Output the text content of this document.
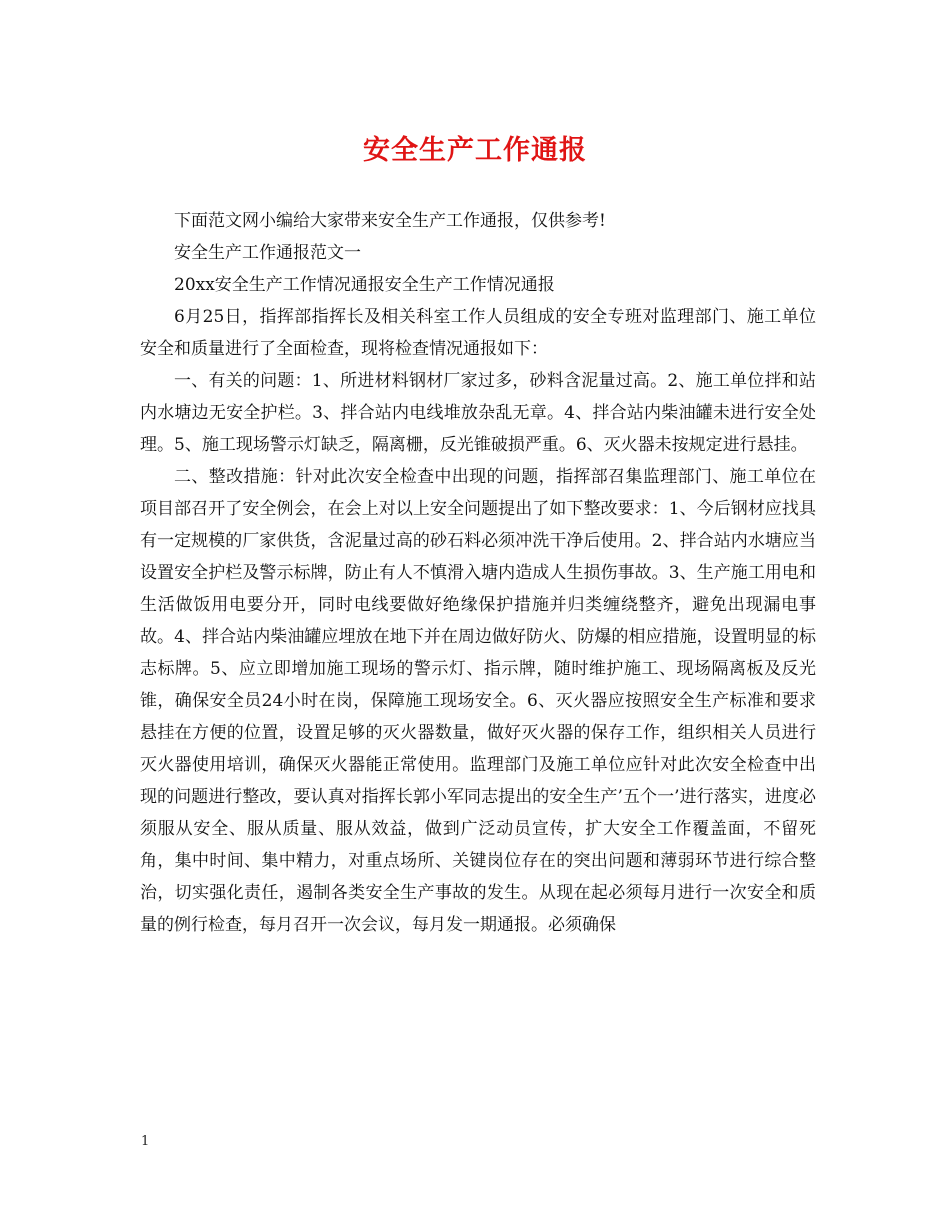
安全生产工作通报

下面范文网小编给大家带来安全生产工作通报，仅供参考!

安全生产工作通报范文一

20xx安全生产工作情况通报安全生产工作情况通报

6月25日，指挥部指挥长及相关科室工作人员组成的安全专班对监理部门、施工单位安全和质量进行了全面检查，现将检查情况通报如下：

一、有关的问题：1、所进材料钢材厂家过多，砂料含泥量过高。2、施工单位拌和站内水塘边无安全护栏。3、拌合站内电线堆放杂乱无章。4、拌合站内柴油罐未进行安全处理。5、施工现场警示灯缺乏，隔离栅，反光锥破损严重。6、灭火器未按规定进行悬挂。

二、整改措施：针对此次安全检查中出现的问题，指挥部召集监理部门、施工单位在项目部召开了安全例会，在会上对以上安全问题提出了如下整改要求：1、今后钢材应找具有一定规模的厂家供货，含泥量过高的砂石料必须冲洗干净后使用。2、拌合站内水塘应当设置安全护栏及警示标牌，防止有人不慎滑入塘内造成人生损伤事故。3、生产施工用电和生活做饭用电要分开，同时电线要做好绝缘保护措施并归类缠绕整齐，避免出现漏电事故。4、拌合站内柴油罐应埋放在地下并在周边做好防火、防爆的相应措施，设置明显的标志标牌。5、应立即增加施工现场的警示灯、指示牌，随时维护施工、现场隔离板及反光锥，确保安全员24小时在岗，保障施工现场安全。6、灭火器应按照安全生产标准和要求悬挂在方便的位置，设置足够的灭火器数量，做好灭火器的保存工作，组织相关人员进行灭火器使用培训，确保灭火器能正常使用。监理部门及施工单位应针对此次安全检查中出现的问题进行整改，要认真对指挥长郭小军同志提出的安全生产’五个一’进行落实，进度必须服从安全、服从质量、服从效益，做到广泛动员宣传，扩大安全工作覆盖面，不留死角，集中时间、集中精力，对重点场所、关键岗位存在的突出问题和薄弱环节进行综合整治，切实强化责任，遏制各类安全生产事故的发生。从现在起必须每月进行一次安全和质量的例行检查，每月召开一次会议，每月发一期通报。必须确保

1
